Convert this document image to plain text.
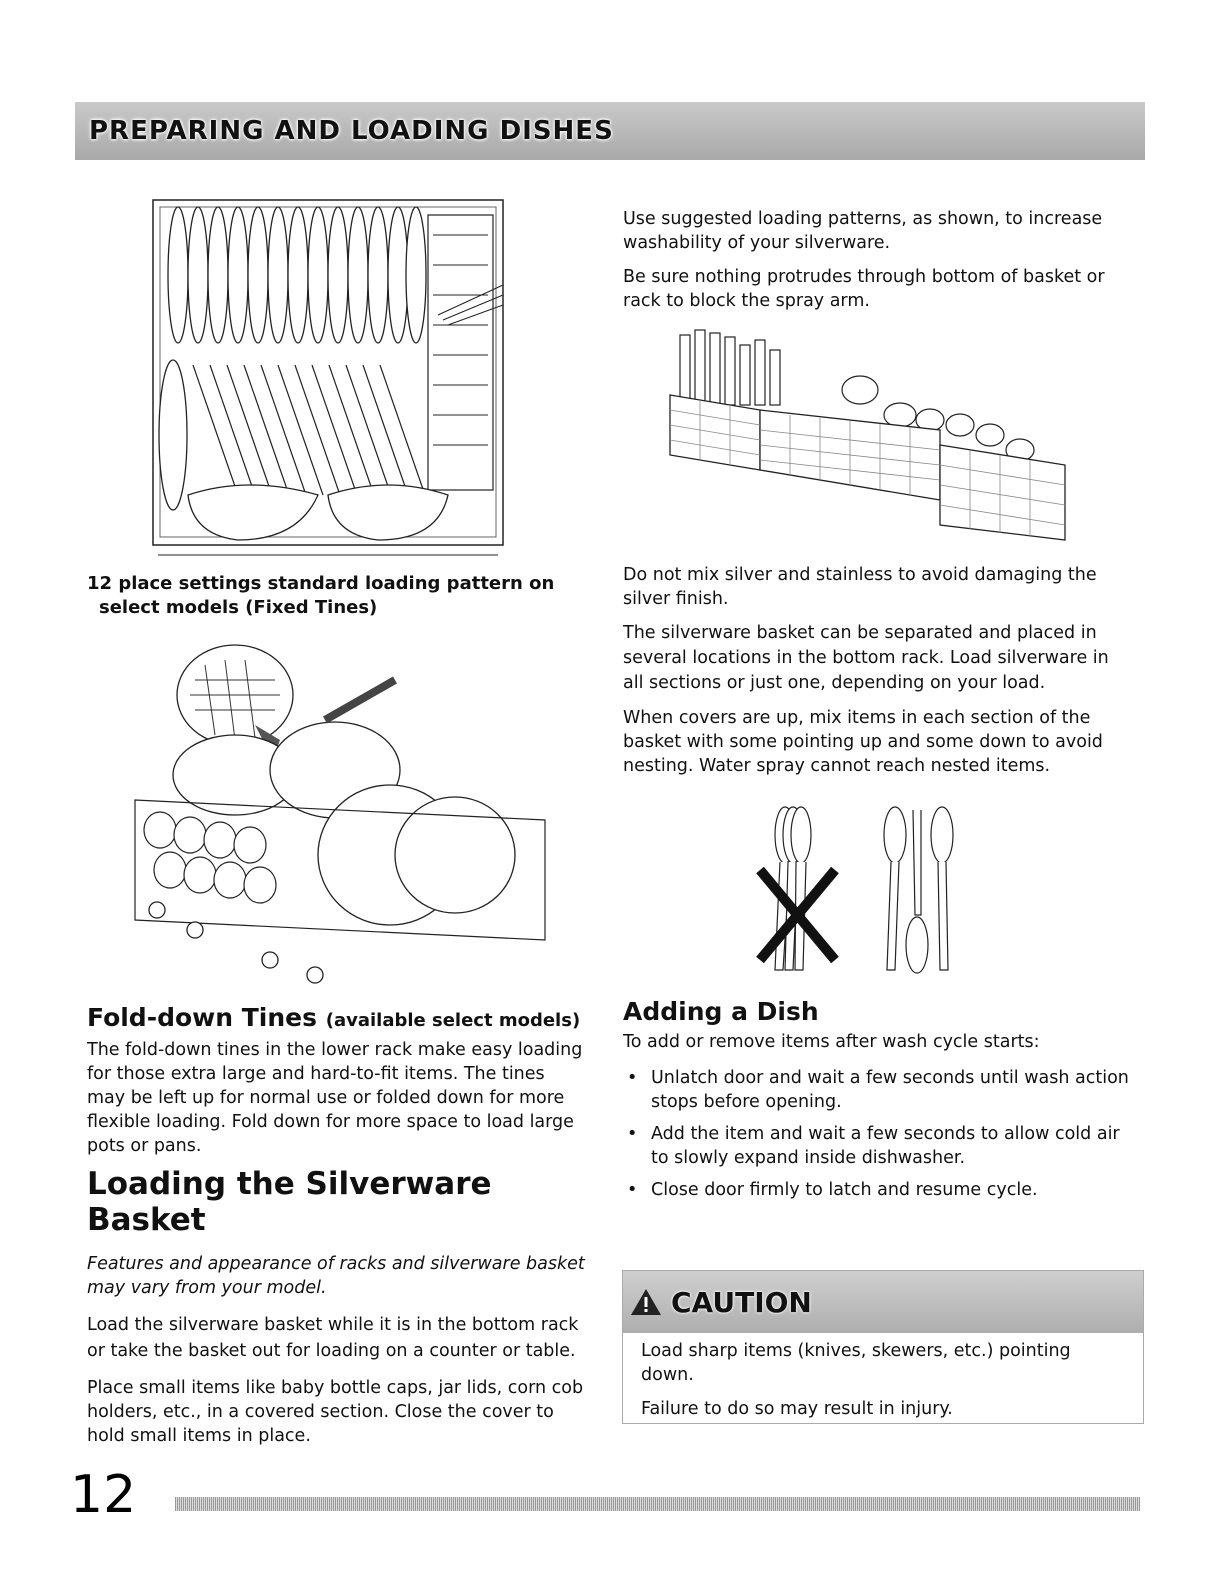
PREPARING AND LOADING DISHES
12 place settings standard loading pattern on
select models (Fixed Tines)
Fold-down Tines (available select models)

The fold-down tines in the lower rack make easy loading for those extra large and hard-to-fit items. The tines may be left up for normal use or folded down for more flexible loading. Fold down for more space to load large pots or pans.

Loading the Silverware Basket

Features and appearance of racks and silverware basket may vary from your model.

Load the silverware basket while it is in the bottom rack or take the basket out for loading on a counter or table.

Place small items like baby bottle caps, jar lids, corn cob holders, etc., in a covered section. Close the cover to hold small items in place.

Use suggested loading patterns, as shown, to increase washability of your silverware.

Be sure nothing protrudes through bottom of basket or rack to block the spray arm.

Do not mix silver and stainless to avoid damaging the silver finish.

The silverware basket can be separated and placed in several locations in the bottom rack. Load silverware in all sections or just one, depending on your load.

When covers are up, mix items in each section of the basket with some pointing up and some down to avoid nesting. Water spray cannot reach nested items.

Adding a Dish

To add or remove items after wash cycle starts:

• Unlatch door and wait a few seconds until wash action stops before opening.
• Add the item and wait a few seconds to allow cold air to slowly expand inside dishwasher.
• Close door firmly to latch and resume cycle.
CAUTION

Load sharp items (knives, skewers, etc.) pointing down.

Failure to do so may result in injury.

12
